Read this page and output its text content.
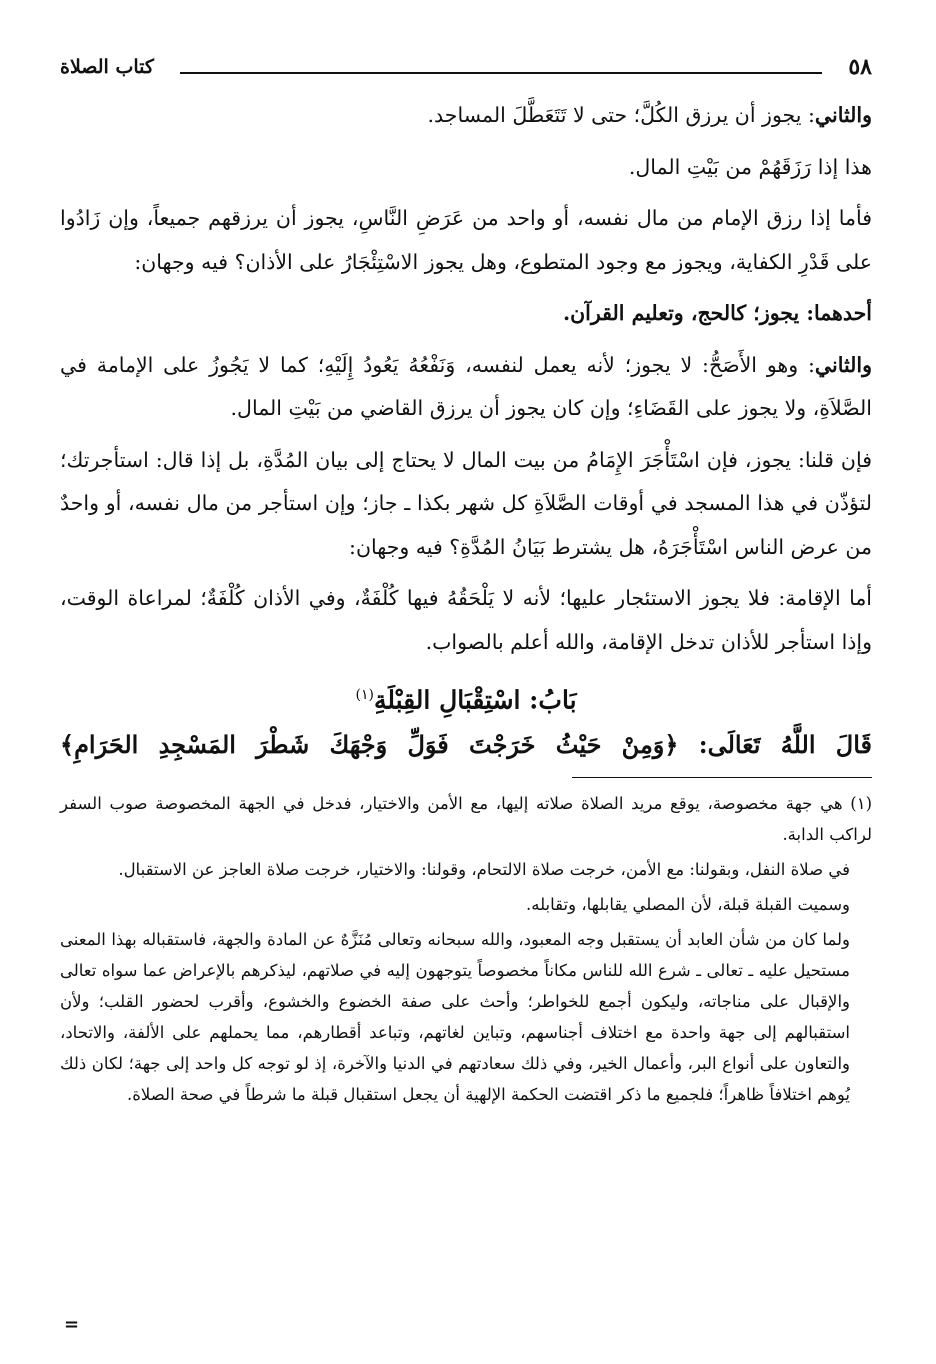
٥٨
كتاب الصلاة

والثاني: يجوز أن يرزق الكُلَّ؛ حتى لا تَتَعَطَّلَ المساجد.

هذا إذا رَزَقَهُمْ من بَيْتِ المال.

فأما إذا رزق الإمام من مال نفسه، أو واحد من عَرَضِ النَّاسِ، يجوز أن يرزقهم جميعاً، وإن زَادُوا على قَدْرِ الكفاية، ويجوز مع وجود المتطوع، وهل يجوز الاسْتِئْجَارُ على الأذان؟ فيه وجهان:

أحدهما: يجوز؛ كالحج، وتعليم القرآن.

والثاني: وهو الأَصَحُّ: لا يجوز؛ لأنه يعمل لنفسه، وَنَفْعُهُ يَعُودُ إِلَيْهِ؛ كما لا يَجُوزُ على الإمامة في الصَّلاَةِ، ولا يجوز على القَضَاءِ؛ وإن كان يجوز أن يرزق القاضي من بَيْتِ المال.

فإن قلنا: يجوز، فإن اسْتَأْجَرَ الإِمَامُ من بيت المال لا يحتاج إلى بيان المُدَّةِ، بل إذا قال: استأجرتك؛ لتؤذّن في هذا المسجد في أوقات الصَّلاَةِ كل شهر بكذا ـ جاز؛ وإن استأجر من مال نفسه، أو واحدٌ من عرض الناس اسْتَأْجَرَهُ، هل يشترط بَيَانُ المُدَّةِ؟ فيه وجهان:

أما الإقامة: فلا يجوز الاستئجار عليها؛ لأنه لا يَلْحَقُهُ فيها كُلْفَةٌ، وفي الأذان كُلْفَةٌ؛ لمراعاة الوقت، وإذا استأجر للأذان تدخل الإقامة، والله أعلم بالصواب.

بَابُ: اسْتِقْبَالِ القِبْلَةِ$^{(١)}$
قَالَ اللَّهُ تَعَالَى: ﴿وَمِنْ حَيْثُ خَرَجْتَ فَوَلِّ وَجْهَكَ شَطْرَ المَسْجِدِ الحَرَامِ﴾

(١) هي جهة مخصوصة، يوقع مريد الصلاة صلاته إليها، مع الأمن والاختيار، فدخل في الجهة المخصوصة صوب السفر لراكب الدابة.

في صلاة النفل، وبقولنا: مع الأمن، خرجت صلاة الالتحام، وقولنا: والاختيار، خرجت صلاة العاجز عن الاستقبال.

وسميت القبلة قبلة، لأن المصلي يقابلها، وتقابله.

ولما كان من شأن العابد أن يستقبل وجه المعبود، والله سبحانه وتعالى مُنَزَّهٌ عن المادة والجهة، فاستقباله بهذا المعنى مستحيل عليه ـ تعالى ـ شرع الله للناس مكاناً مخصوصاً يتوجهون إليه في صلاتهم، ليذكرهم بالإعراض عما سواه تعالى والإقبال على مناجاته، وليكون أجمع للخواطر؛ وأحث على صفة الخضوع والخشوع، وأقرب لحضور القلب؛ ولأن استقبالهم إلى جهة واحدة مع اختلاف أجناسهم، وتباين لغاتهم، وتباعد أقطارهم، مما يحملهم على الألفة، والاتحاد، والتعاون على أنواع البر، وأعمال الخير، وفي ذلك سعادتهم في الدنيا والآخرة، إذ لو توجه كل واحد إلى جهة؛ لكان ذلك يُوهم اختلافاً ظاهراً؛ فلجميع ما ذكر اقتضت الحكمة الإلهية أن يجعل استقبال قبلة ما شرطاً في صحة الصلاة.

=
